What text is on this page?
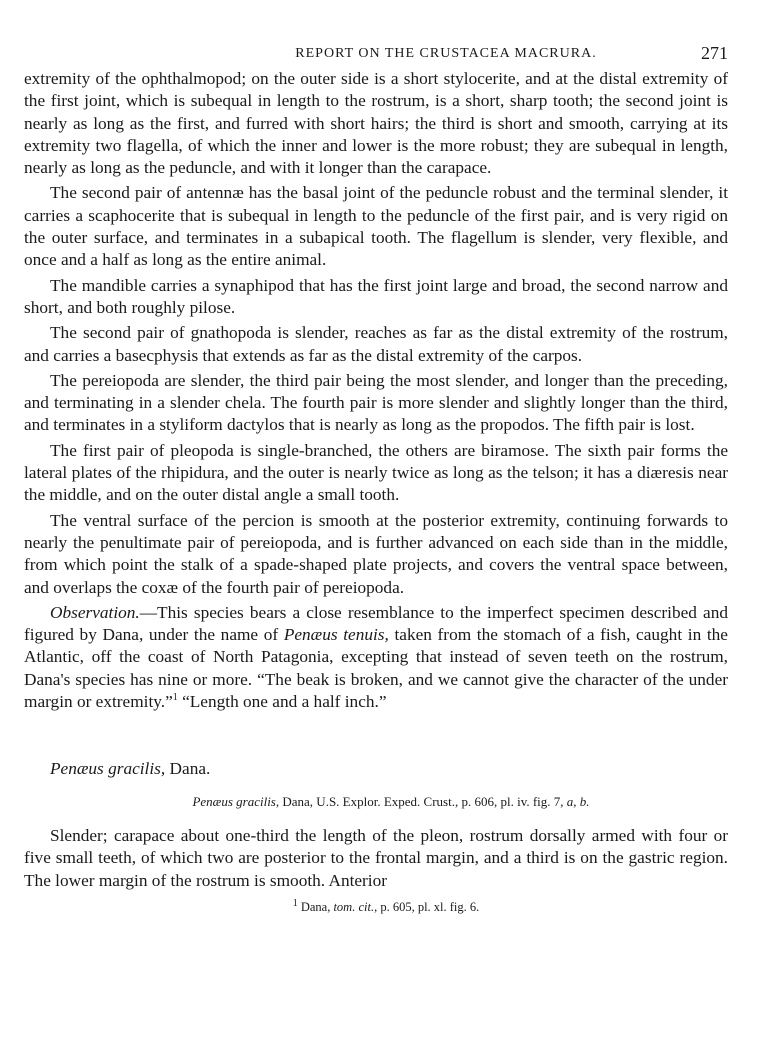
REPORT ON THE CRUSTACEA MACRURA.	271

extremity of the ophthalmopod; on the outer side is a short stylocerite, and at the distal extremity of the first joint, which is subequal in length to the rostrum, is a short, sharp tooth; the second joint is nearly as long as the first, and furred with short hairs; the third is short and smooth, carrying at its extremity two flagella, of which the inner and lower is the more robust; they are subequal in length, nearly as long as the peduncle, and with it longer than the carapace.

The second pair of antennæ has the basal joint of the peduncle robust and the terminal slender, it carries a scaphocerite that is subequal in length to the peduncle of the first pair, and is very rigid on the outer surface, and terminates in a subapical tooth. The flagellum is slender, very flexible, and once and a half as long as the entire animal.

The mandible carries a synaphipod that has the first joint large and broad, the second narrow and short, and both roughly pilose.

The second pair of gnathopoda is slender, reaches as far as the distal extremity of the rostrum, and carries a basecphysis that extends as far as the distal extremity of the carpos.

The pereiopoda are slender, the third pair being the most slender, and longer than the preceding, and terminating in a slender chela. The fourth pair is more slender and slightly longer than the third, and terminates in a styliform dactylos that is nearly as long as the propodos. The fifth pair is lost.

The first pair of pleopoda is single-branched, the others are biramose. The sixth pair forms the lateral plates of the rhipidura, and the outer is nearly twice as long as the telson; it has a diæresis near the middle, and on the outer distal angle a small tooth.

The ventral surface of the percion is smooth at the posterior extremity, continuing forwards to nearly the penultimate pair of pereiopoda, and is further advanced on each side than in the middle, from which point the stalk of a spade-shaped plate projects, and covers the ventral space between, and overlaps the coxæ of the fourth pair of pereiopoda.

Observation.—This species bears a close resemblance to the imperfect specimen described and figured by Dana, under the name of Penæus tenuis, taken from the stomach of a fish, caught in the Atlantic, off the coast of North Patagonia, excepting that instead of seven teeth on the rostrum, Dana's species has nine or more. “The beak is broken, and we cannot give the character of the under margin or extremity.”$^1$ “Length one and a half inch.”

Penæus gracilis, Dana.
Penæus gracilis, Dana, U.S. Explor. Exped. Crust., p. 606, pl. iv. fig. 7, a, b.

Slender; carapace about one-third the length of the pleon, rostrum dorsally armed with four or five small teeth, of which two are posterior to the frontal margin, and a third is on the gastric region. The lower margin of the rostrum is smooth. Anterior

$^1$ Dana, tom. cit., p. 605, pl. xl. fig. 6.
